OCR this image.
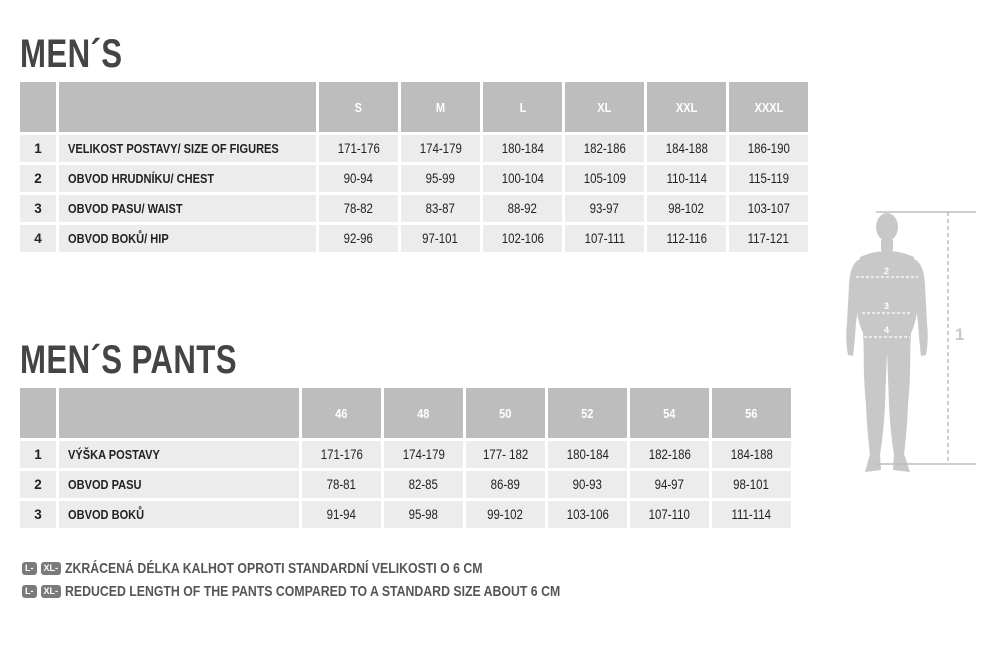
MEN´S
		S	M	L	XL	XXL	XXXL
1	VELIKOST POSTAVY/ SIZE OF FIGURES	171-176	174-179	180-184	182-186	184-188	186-190
2	OBVOD HRUDNÍKU/ CHEST	90-94	95-99	100-104	105-109	110-114	115-119
3	OBVOD PASU/ WAIST	78-82	83-87	88-92	93-97	98-102	103-107
4	OBVOD BOKŮ/ HIP	92-96	97-101	102-106	107-111	112-116	117-121
MEN´S PANTS
		46	48	50	52	54	56
1	VÝŠKA POSTAVY	171-176	174-179	177- 182	180-184	182-186	184-188
2	OBVOD PASU	78-81	82-85	86-89	90-93	94-97	98-101
3	OBVOD BOKŮ	91-94	95-98	99-102	103-106	107-110	111-114
L-	XL- ZKRÁCENÁ DÉLKA KALHOT OPROTI STANDARDNÍ VELIKOSTI O 6 CM
L-	XL- REDUCED LENGTH OF THE PANTS COMPARED TO A STANDARD SIZE ABOUT 6 CM
2
3
4	1
